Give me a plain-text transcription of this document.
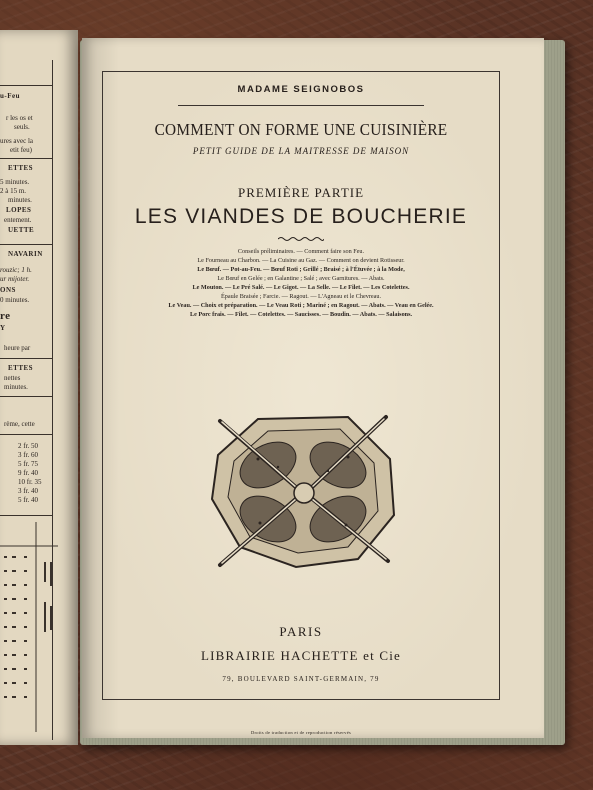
u-Feu
r les os et
seuls.
ures avec la
etit feu)
ETTES
5 minutes.
2 à 15 m.
minutes.
LOPES
entement.
UETTE
NAVARIN
rouzic; 1 h.
ur mijoter.
ONS
0 minutes.
re
Y
heure par
ETTES
nettes
minutes.
rème, cette
2 fr. 50
3 fr. 60
5 fr. 75
9 fr. 40
10 fr. 35
3 fr. 40
5 fr. 40
MADAME SEIGNOBOS
COMMENT ON FORME UNE CUISINIÈRE
PETIT GUIDE DE LA MAITRESSE DE MAISON
PREMIÈRE PARTIE
LES VIANDES DE BOUCHERIE
Conseils préliminaires. — Comment faire son Feu.
Le Fourneau au Charbon. — La Cuisine au Gaz. — Comment on devient Rotisseur.
Le Bœuf. — Pot-au-Feu. — Bœuf Roti ; Grillé ; Braisé ; à l'Étuvée ; à la Mode,
Le Bœuf en Gelée ; en Galantine ; Salé ; avec Garnitures. — Abats.
Le Mouton. — Le Pré Salé. — Le Gigot. — La Selle. — Le Filet. — Les Cotelettes.
Épaule Braisée ; Farcie. — Ragout. — L'Agneau et le Chevreau.
Le Veau. — Choix et préparation. — Le Veau Roti ; Mariné ; en Ragout. — Abats. — Veau en Gelée.
Le Porc frais. — Filet. — Cotelettes. — Saucisses. — Boudin. — Abats. — Salaisons.
PARIS
LIBRAIRIE HACHETTE et Cie
79, BOULEVARD SAINT-GERMAIN, 79
Droits de traduction et de reproduction réservés
